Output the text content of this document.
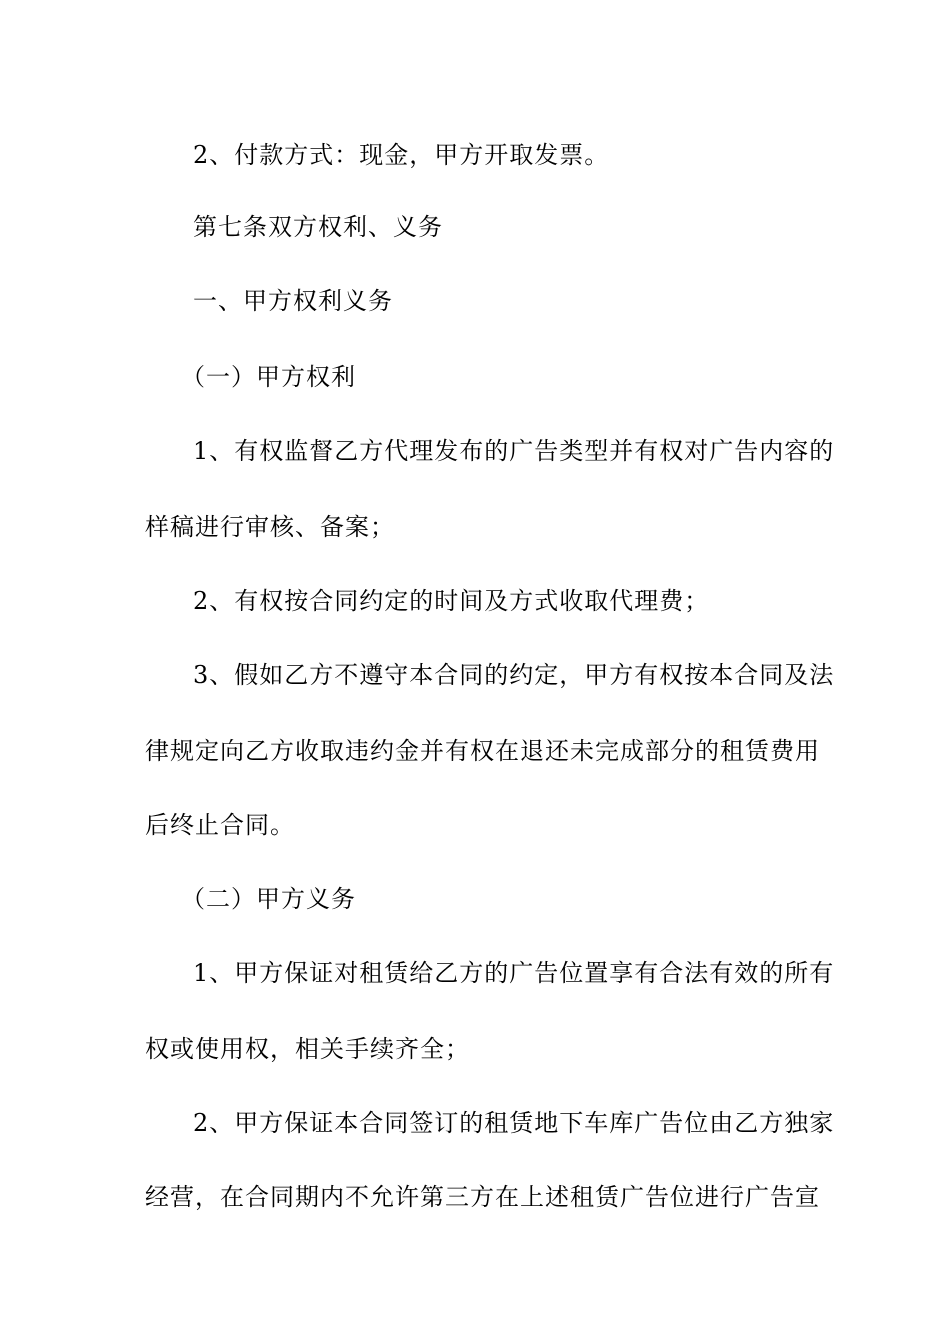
2、付款方式：现金，甲方开取发票。
第七条双方权利、义务
一、甲方权利义务
（一）甲方权利
1、有权监督乙方代理发布的广告类型并有权对广告内容的
样稿进行审核、备案；
2、有权按合同约定的时间及方式收取代理费；
3、假如乙方不遵守本合同的约定，甲方有权按本合同及法
律规定向乙方收取违约金并有权在退还未完成部分的租赁费用
后终止合同。
（二）甲方义务
1、甲方保证对租赁给乙方的广告位置享有合法有效的所有
权或使用权，相关手续齐全；
2、甲方保证本合同签订的租赁地下车库广告位由乙方独家
经营，在合同期内不允许第三方在上述租赁广告位进行广告宣
